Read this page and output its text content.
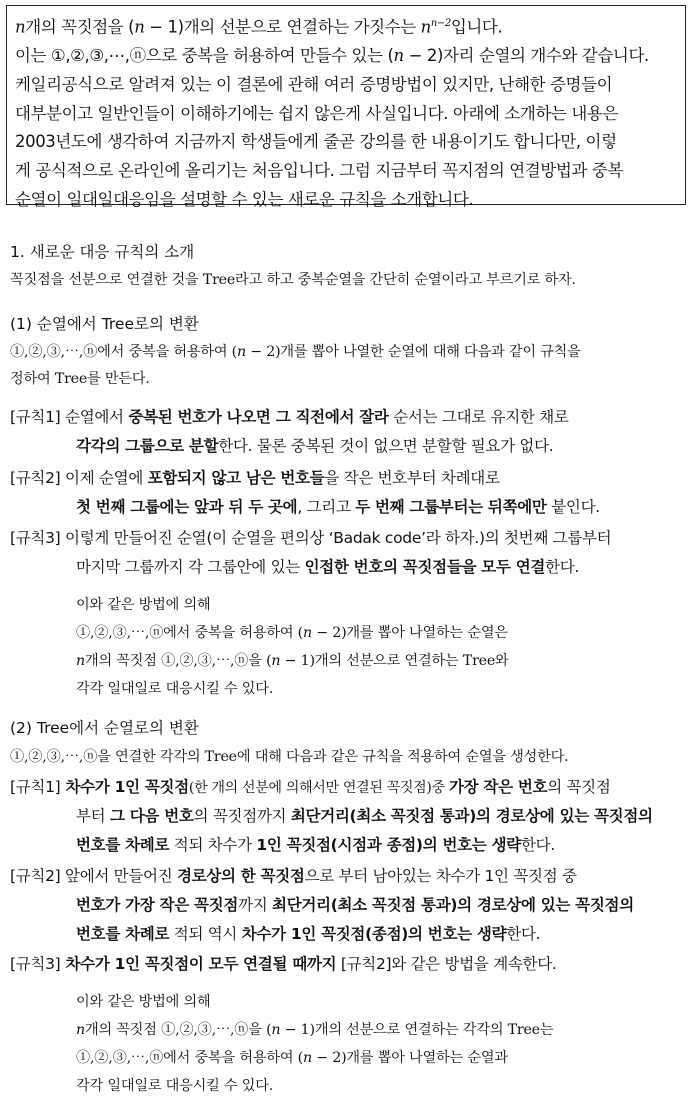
n개의 꼭짓점을 (n − 1)개의 선분으로 연결하는 가짓수는 $n^{n-2}$입니다.

이는 ①,②,③,⋯,ⓝ으로 중복을 허용하여 만들수 있는 (n − 2)자리 순열의 개수와 같습니다.

케일리공식으로 알려져 있는 이 결론에 관해 여러 증명방법이 있지만, 난해한 증명들이

대부분이고 일반인들이 이해하기에는 쉽지 않은게 사실입니다. 아래에 소개하는 내용은

2003년도에 생각하여 지금까지 학생들에게 줄곧 강의를 한 내용이기도 합니다만, 이렇

게 공식적으로 온라인에 올리기는 처음입니다. 그럼 지금부터 꼭지점의 연결방법과 중복

순열이 일대일대응임을 설명할 수 있는 새로운 규칙을 소개합니다.

1. 새로운 대응 규칙의 소개

꼭짓점을 선분으로 연결한 것을 Tree라고 하고 중복순열을 간단히 순열이라고 부르기로 하자.

(1) 순열에서 Tree로의 변환

①,②,③,⋯,ⓝ에서 중복을 허용하여 (n − 2)개를 뽑아 나열한 순열에 대해 다음과 같이 규칙을

정하여 Tree를 만든다.

[규칙1] 순열에서 중복된 번호가 나오면 그 직전에서 잘라 순서는 그대로 유지한 채로

각각의 그룹으로 분할한다. 물론 중복된 것이 없으면 분할할 필요가 없다.

[규칙2] 이제 순열에 포함되지 않고 남은 번호들을 작은 번호부터 차례대로

첫 번째 그룹에는 앞과 뒤 두 곳에, 그리고 두 번째 그룹부터는 뒤쪽에만 붙인다.

[규칙3] 이렇게 만들어진 순열(이 순열을 편의상 ‘Badak code’라 하자.)의 첫번째 그룹부터

마지막 그룹까지 각 그룹안에 있는 인접한 번호의 꼭짓점들을 모두 연결한다.

이와 같은 방법에 의해

①,②,③,⋯,ⓝ에서 중복을 허용하여 (n − 2)개를 뽑아 나열하는 순열은

n개의 꼭짓점 ①,②,③,⋯,ⓝ을 (n − 1)개의 선분으로 연결하는 Tree와

각각 일대일로 대응시킬 수 있다.

(2) Tree에서 순열로의 변환

①,②,③,⋯,ⓝ을 연결한 각각의 Tree에 대해 다음과 같은 규칙을 적용하여 순열을 생성한다.

[규칙1] 차수가 1인 꼭짓점(한 개의 선분에 의해서만 연결된 꼭짓점)중 가장 작은 번호의 꼭짓점

부터 그 다음 번호의 꼭짓점까지 최단거리(최소 꼭짓점 통과)의 경로상에 있는 꼭짓점의

번호를 차례로 적되 차수가 1인 꼭짓점(시점과 종점)의 번호는 생략한다.

[규칙2] 앞에서 만들어진 경로상의 한 꼭짓점으로 부터 남아있는 차수가 1인 꼭짓점 중

번호가 가장 작은 꼭짓점까지 최단거리(최소 꼭짓점 통과)의 경로상에 있는 꼭짓점의

번호를 차례로 적되 역시 차수가 1인 꼭짓점(종점)의 번호는 생략한다.

[규칙3] 차수가 1인 꼭짓점이 모두 연결될 때까지 [규칙2]와 같은 방법을 계속한다.

이와 같은 방법에 의해

n개의 꼭짓점 ①,②,③,⋯,ⓝ을 (n − 1)개의 선분으로 연결하는 각각의 Tree는

①,②,③,⋯,ⓝ에서 중복을 허용하여 (n − 2)개를 뽑아 나열하는 순열과

각각 일대일로 대응시킬 수 있다.
